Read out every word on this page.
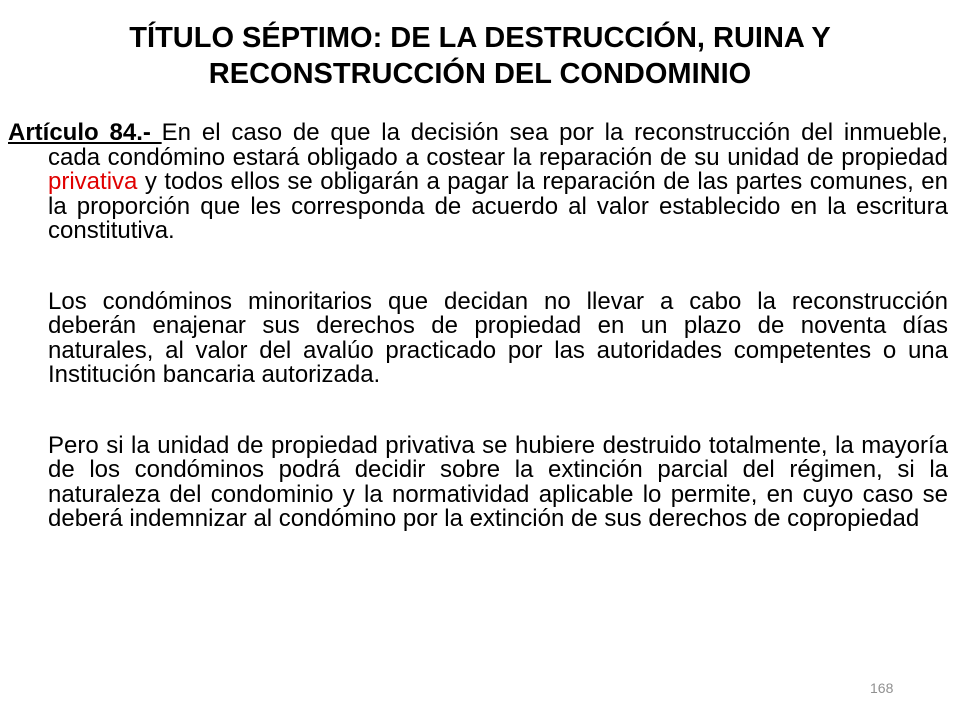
TÍTULO SÉPTIMO: DE LA DESTRUCCIÓN, RUINA Y
RECONSTRUCCIÓN DEL CONDOMINIO

Artículo 84.- En el caso de que la decisión sea por la reconstrucción del inmueble, cada condómino estará obligado a costear la reparación de su unidad de propiedad privativa y todos ellos se obligarán a pagar la reparación de las partes comunes, en la proporción que les corresponda de acuerdo al valor establecido en la escritura constitutiva.

Los condóminos minoritarios que decidan no llevar a cabo la reconstrucción deberán enajenar sus derechos de propiedad en un plazo de noventa días naturales, al valor del avalúo practicado por las autoridades competentes o una Institución bancaria autorizada.

Pero si la unidad de propiedad privativa se hubiere destruido totalmente, la mayoría de los condóminos podrá decidir sobre la extinción parcial del régimen, si la naturaleza del condominio y la normatividad aplicable lo permite, en cuyo caso se deberá indemnizar al condómino por la extinción de sus derechos de copropiedad

168
